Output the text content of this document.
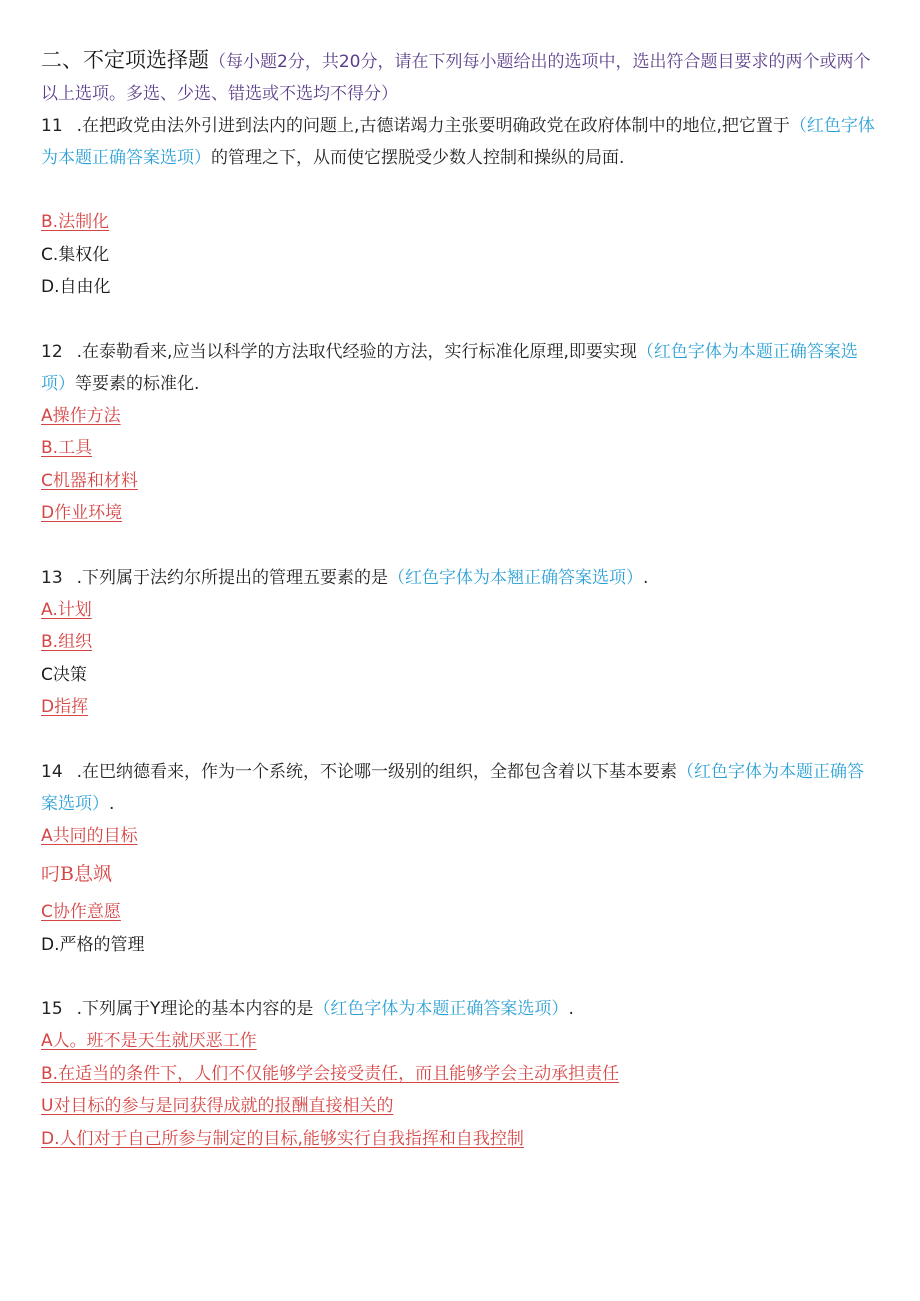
二、不定项选择题（每小题2分，共20分，请在下列每小题给出的选项中，选出符合题目要求的两个或两个以上选项。多选、少选、错选或不选均不得分）

11 .在把政党由法外引进到法内的问题上,古德诺竭力主张要明确政党在政府体制中的地位,把它置于（红色字体为本题正确答案选项）的管理之下，从而使它摆脱受少数人控制和操纵的局面.

B.法制化

C.集权化

D.自由化

12 .在泰勒看来,应当以科学的方法取代经验的方法，实行标准化原理,即要实现（红色字体为本题正确答案选项）等要素的标准化.

A操作方法

B.工具

C机器和材料

D作业环境

13 .下列属于法约尔所提出的管理五要素的是（红色字体为本翘正确答案选项）.

A.计划

B.组织

C决策

D指挥

14 .在巴纳德看来，作为一个系统，不论哪一级别的组织，全都包含着以下基本要素（红色字体为本题正确答案选项）.

A共同的目标

叼B息飒

C协作意愿

D.严格的管理

15 .下列属于Y理论的基本内容的是（红色字体为本题正确答案选项）.

A人。班不是天生就厌恶工作

B.在适当的条件下，人们不仅能够学会接受责任，而且能够学会主动承担责任

U对目标的参与是同获得成就的报酬直接相关的

D.人们对于自己所参与制定的目标,能够实行自我指挥和自我控制
